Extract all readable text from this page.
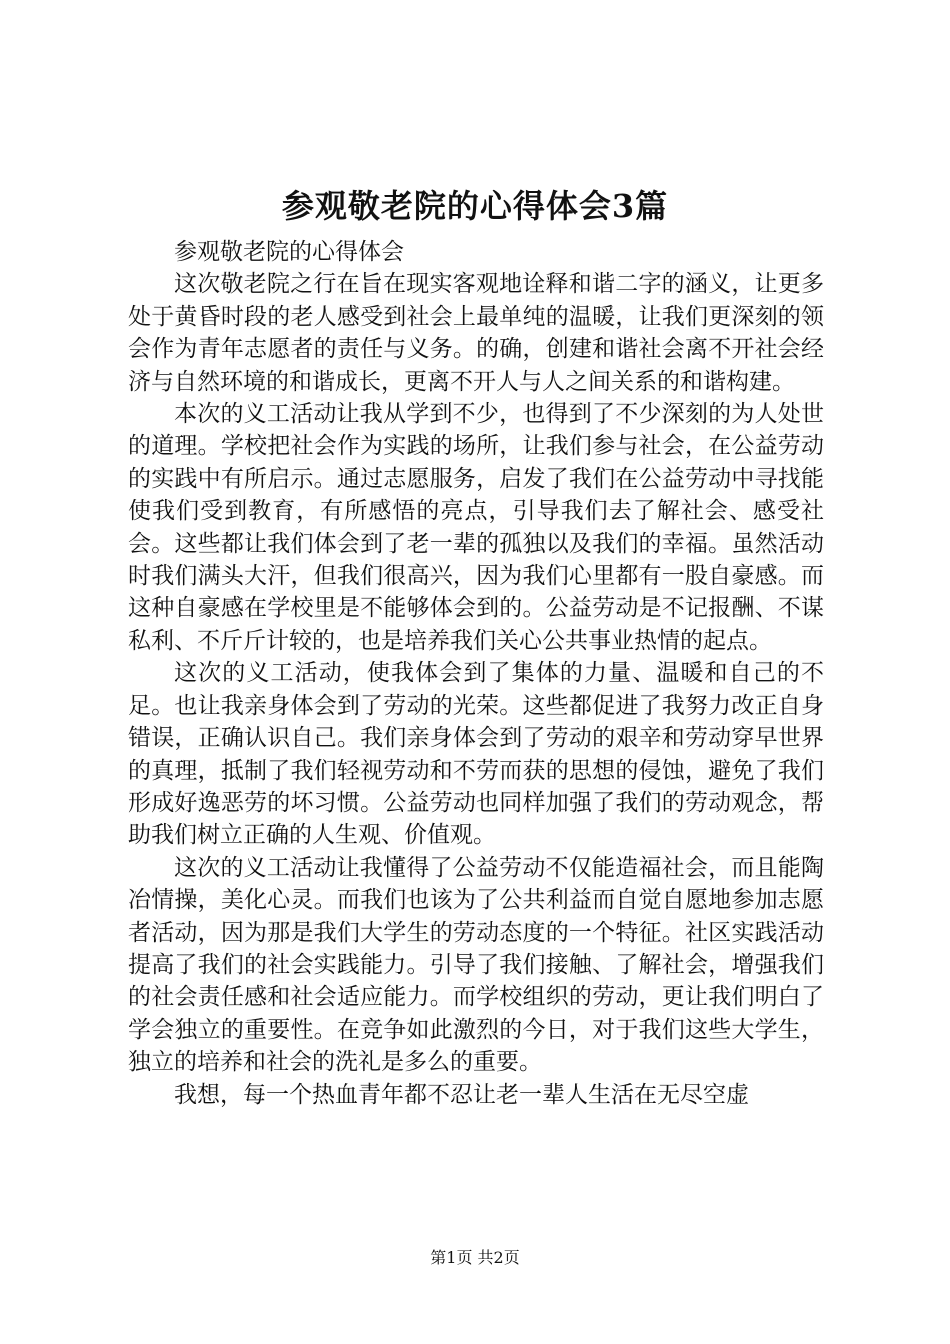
参观敬老院的心得体会3篇

参观敬老院的心得体会

这次敬老院之行在旨在现实客观地诠释和谐二字的涵义，让更多处于黄昏时段的老人感受到社会上最单纯的温暖，让我们更深刻的领会作为青年志愿者的责任与义务。的确，创建和谐社会离不开社会经济与自然环境的和谐成长，更离不开人与人之间关系的和谐构建。

本次的义工活动让我从学到不少，也得到了不少深刻的为人处世的道理。学校把社会作为实践的场所，让我们参与社会，在公益劳动的实践中有所启示。通过志愿服务，启发了我们在公益劳动中寻找能使我们受到教育，有所感悟的亮点，引导我们去了解社会、感受社会。这些都让我们体会到了老一辈的孤独以及我们的幸福。虽然活动时我们满头大汗，但我们很高兴，因为我们心里都有一股自豪感。而这种自豪感在学校里是不能够体会到的。公益劳动是不记报酬、不谋私利、不斤斤计较的，也是培养我们关心公共事业热情的起点。

这次的义工活动，使我体会到了集体的力量、温暖和自己的不足。也让我亲身体会到了劳动的光荣。这些都促进了我努力改正自身错误，正确认识自己。我们亲身体会到了劳动的艰辛和劳动穿早世界的真理，抵制了我们轻视劳动和不劳而获的思想的侵蚀，避免了我们形成好逸恶劳的坏习惯。公益劳动也同样加强了我们的劳动观念，帮助我们树立正确的人生观、价值观。

这次的义工活动让我懂得了公益劳动不仅能造福社会，而且能陶冶情操，美化心灵。而我们也该为了公共利益而自觉自愿地参加志愿者活动，因为那是我们大学生的劳动态度的一个特征。社区实践活动提高了我们的社会实践能力。引导了我们接触、了解社会，增强我们的社会责任感和社会适应能力。而学校组织的劳动，更让我们明白了学会独立的重要性。在竞争如此激烈的今日，对于我们这些大学生，独立的培养和社会的洗礼是多么的重要。

我想，每一个热血青年都不忍让老一辈人生活在无尽空虚

第1页 共2页
